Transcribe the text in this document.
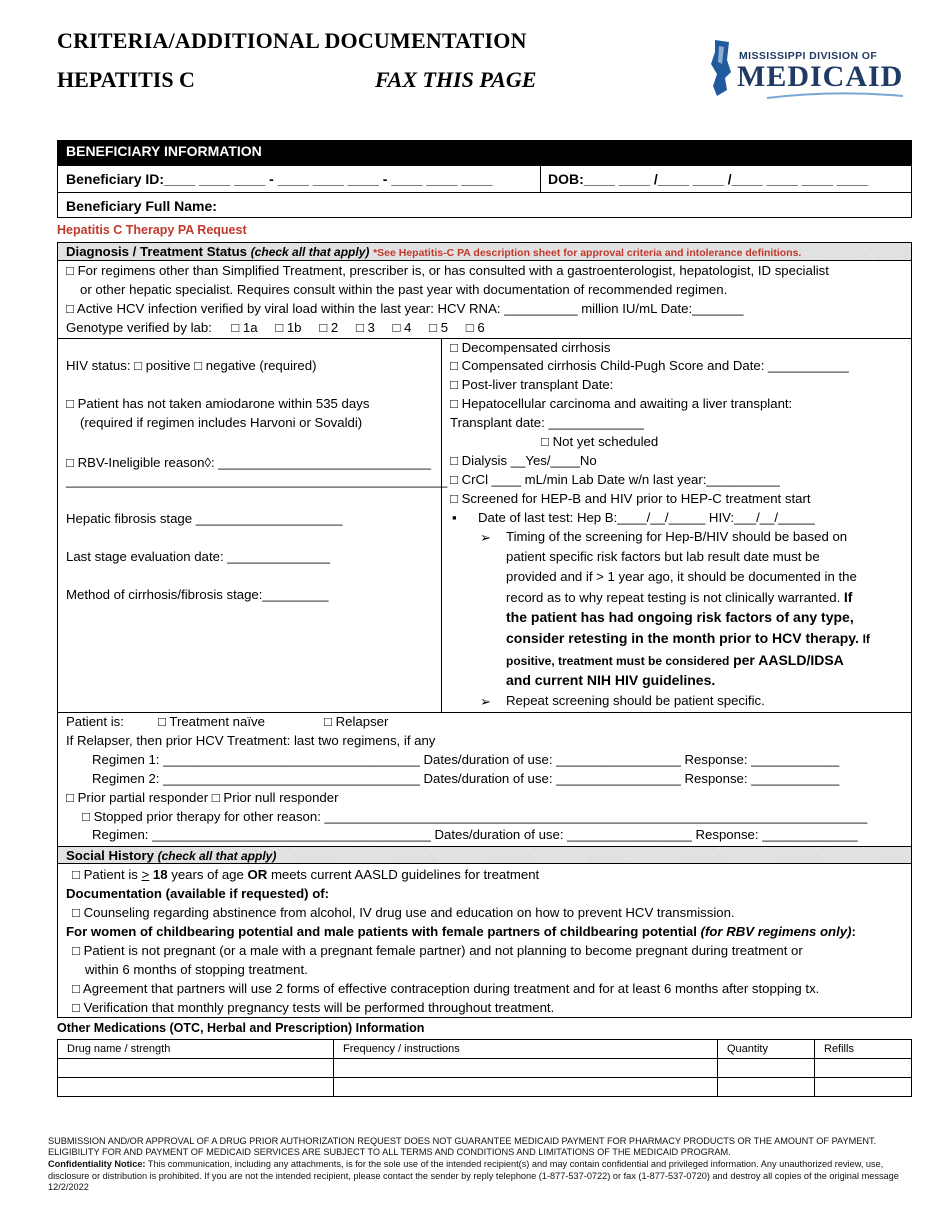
CRITERIA/ADDITIONAL DOCUMENTATION
HEPATITIS C	FAX THIS PAGE
MISSISSIPPI DIVISION OF
MEDICAID
BENEFICIARY INFORMATION
Beneficiary ID:____ ____ ____ - ____ ____ ____ - ____ ____ ____	DOB:____ ____ /____ ____ /____ ____ ____ ____
Beneficiary Full Name:
Hepatitis C Therapy PA Request
Diagnosis / Treatment Status (check all that apply) *See Hepatitis-C PA description sheet for approval criteria and intolerance definitions.
□ For regimens other than Simplified Treatment, prescriber is, or has consulted with a gastroenterologist, hepatologist, ID specialist
or other hepatic specialist. Requires consult within the past year with documentation of recommended regimen.
□ Active HCV infection verified by viral load within the last year: HCV RNA: __________ million IU/mL Date:_______
Genotype verified by lab: □ 1a □ 1b □ 2 □ 3 □ 4 □ 5 □ 6
HIV status: □ positive □ negative (required)
□ Patient has not taken amiodarone within 535 days
(required if regimen includes Harvoni or Sovaldi)
□ RBV-Ineligible reason◊: _____________________________
____________________________________________________
Hepatic fibrosis stage ____________________
Last stage evaluation date: ______________
Method of cirrhosis/fibrosis stage:_________
□ Decompensated cirrhosis
□ Compensated cirrhosis Child-Pugh Score and Date: ___________
□ Post-liver transplant Date:
□ Hepatocellular carcinoma and awaiting a liver transplant:
Transplant date: _____________
□ Not yet scheduled
□ Dialysis __Yes/____No
□ CrCl ____ mL/min Lab Date w/n last year:__________
□ Screened for HEP-B and HIV prior to HEP-C treatment start
▪ Date of last test: Hep B:____/__/_____ HIV:___/__/_____
➢ Timing of the screening for Hep-B/HIV should be based on
patient specific risk factors but lab result date must be
provided and if > 1 year ago, it should be documented in the
record as to why repeat testing is not clinically warranted. If
the patient has had ongoing risk factors of any type,
consider retesting in the month prior to HCV therapy. If
positive, treatment must be considered per AASLD/IDSA
and current NIH HIV guidelines.
➢ Repeat screening should be patient specific.
Patient is:	□ Treatment naïve	□ Relapser
If Relapser, then prior HCV Treatment: last two regimens, if any
Regimen 1: ___________________________________ Dates/duration of use: _________________ Response: ____________
Regimen 2: ___________________________________ Dates/duration of use: _________________ Response: ____________
□ Prior partial responder □ Prior null responder
□ Stopped prior therapy for other reason: __________________________________________________________________________
Regimen: ______________________________________ Dates/duration of use: _________________ Response: _____________
Social History (check all that apply)
□ Patient is > 18 years of age OR meets current AASLD guidelines for treatment
Documentation (available if requested) of:
□ Counseling regarding abstinence from alcohol, IV drug use and education on how to prevent HCV transmission.
For women of childbearing potential and male patients with female partners of childbearing potential (for RBV regimens only):
□ Patient is not pregnant (or a male with a pregnant female partner) and not planning to become pregnant during treatment or
within 6 months of stopping treatment.
□ Agreement that partners will use 2 forms of effective contraception during treatment and for at least 6 months after stopping tx.
□ Verification that monthly pregnancy tests will be performed throughout treatment.
Other Medications (OTC, Herbal and Prescription) Information
Drug name / strength	Frequency / instructions	Quantity	Refills

SUBMISSION AND/OR APPROVAL OF A DRUG PRIOR AUTHORIZATION REQUEST DOES NOT GUARANTEE MEDICAID PAYMENT FOR PHARMACY PRODUCTS OR THE AMOUNT OF PAYMENT.
ELIGIBILITY FOR AND PAYMENT OF MEDICAID SERVICES ARE SUBJECT TO ALL TERMS AND CONDITIONS AND LIMITATIONS OF THE MEDICAID PROGRAM.
Confidentiality Notice: This communication, including any attachments, is for the sole use of the intended recipient(s) and may contain confidential and privileged information. Any unauthorized review, use,
disclosure or distribution is prohibited. If you are not the intended recipient, please contact the sender by reply telephone (1-877-537-0722) or fax (1-877-537-0720) and destroy all copies of the original message
12/2/2022
